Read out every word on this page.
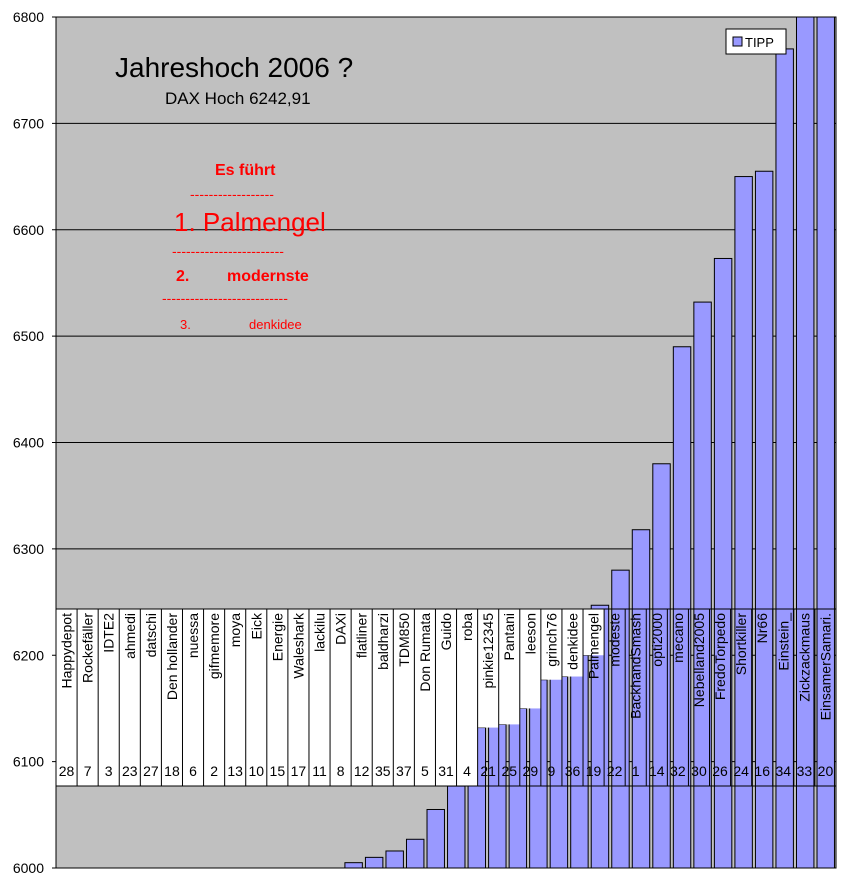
6000
6100
6200
6300
6400
6500
6600
6700
6800
Happydepot
28
Rockefäller
7
IDTE2
3
ahmedi
23
datschi
27
Den hollander
18
nuessa
6
gifmemore
2
moya
13
Eick
10
Energie
15
Waleshark
17
lackilu
11
DAXi
8
flatliner
12
baldharzi
35
TDM850
37
Don Rumata
5
Guido
31
roba
4
pinkie12345
21
Pantani
25
leeson
29
grinch76
9
denkidee
36
Palmengel
19
modeste
22
BackhandSmash
1
opti2000
14
mecano
32
Nebelland2005
30
FredoTorpedo
26
Shortkiller
24
Nr66
16
Einstein_
34
Zickzackmaus
33
EinsamerSamari.
20
Jahreshoch 2006 ?
DAX Hoch 6242,91
Es führt
------------------
1. Palmengel
------------------------
2. modernste
---------------------------
3.	denkidee
TIPP
